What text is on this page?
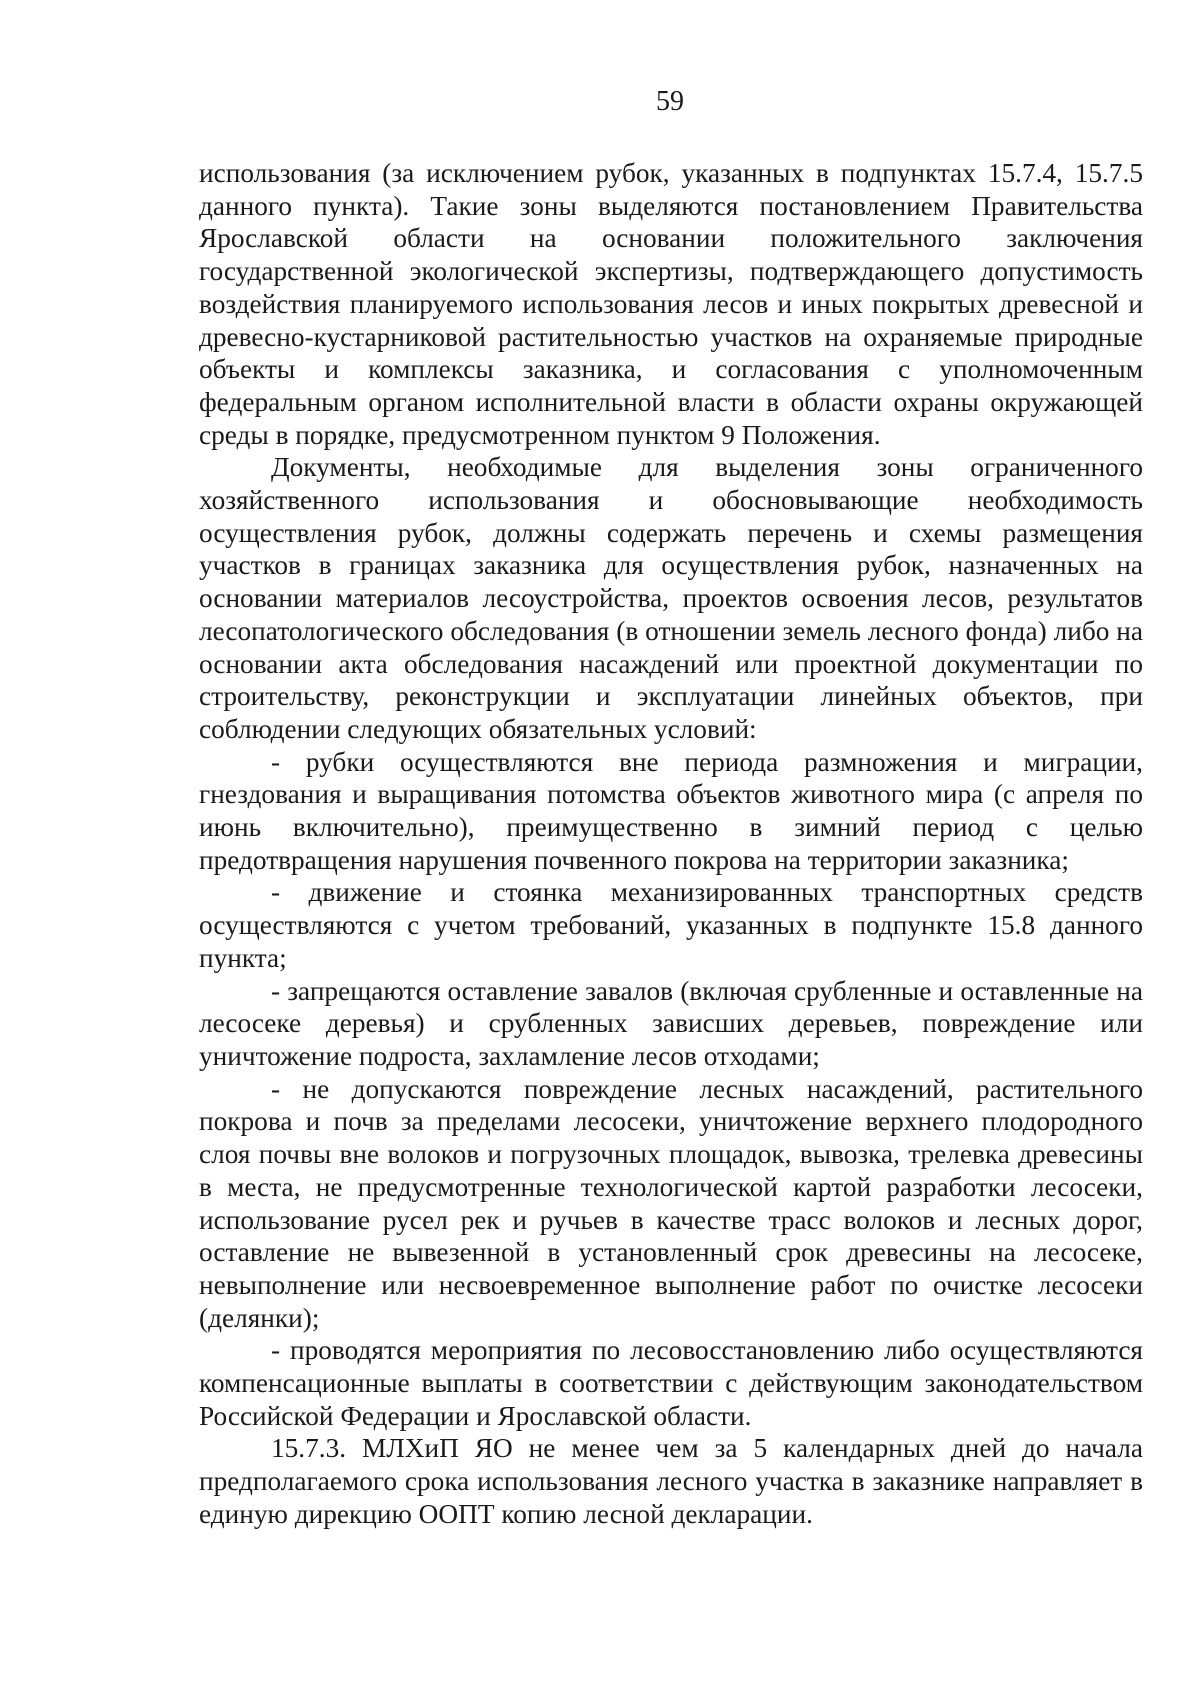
59

использования (за исключением рубок, указанных в подпунктах 15.7.4, 15.7.5 данного пункта). Такие зоны выделяются постановлением Правительства Ярославской области на основании положительного заключения государственной экологической экспертизы, подтверждающего допустимость воздействия планируемого использования лесов и иных покрытых древесной и древесно-кустарниковой растительностью участков на охраняемые природные объекты и комплексы заказника, и согласования с уполномоченным федеральным органом исполнительной власти в области охраны окружающей среды в порядке, предусмотренном пунктом 9 Положения.

Документы, необходимые для выделения зоны ограниченного хозяйственного использования и обосновывающие необходимость осуществления рубок, должны содержать перечень и схемы размещения участков в границах заказника для осуществления рубок, назначенных на основании материалов лесоустройства, проектов освоения лесов, результатов лесопатологического обследования (в отношении земель лесного фонда) либо на основании акта обследования насаждений или проектной документации по строительству, реконструкции и эксплуатации линейных объектов, при соблюдении следующих обязательных условий:

- рубки осуществляются вне периода размножения и миграции, гнездования и выращивания потомства объектов животного мира (с апреля по июнь включительно), преимущественно в зимний период с целью предотвращения нарушения почвенного покрова на территории заказника;

- движение и стоянка механизированных транспортных средств осуществляются с учетом требований, указанных в подпункте 15.8 данного пункта;

- запрещаются оставление завалов (включая срубленные и оставленные на лесосеке деревья) и срубленных зависших деревьев, повреждение или уничтожение подроста, захламление лесов отходами;

- не допускаются повреждение лесных насаждений, растительного покрова и почв за пределами лесосеки, уничтожение верхнего плодородного слоя почвы вне волоков и погрузочных площадок, вывозка, трелевка древесины в места, не предусмотренные технологической картой разработки лесосеки, использование русел рек и ручьев в качестве трасс волоков и лесных дорог, оставление не вывезенной в установленный срок древесины на лесосеке, невыполнение или несвоевременное выполнение работ по очистке лесосеки (делянки);

- проводятся мероприятия по лесовосстановлению либо осуществляются компенсационные выплаты в соответствии с действующим законодательством Российской Федерации и Ярославской области.

15.7.3. МЛХиП ЯО не менее чем за 5 календарных дней до начала предполагаемого срока использования лесного участка в заказнике направляет в единую дирекцию ООПТ копию лесной декларации.
